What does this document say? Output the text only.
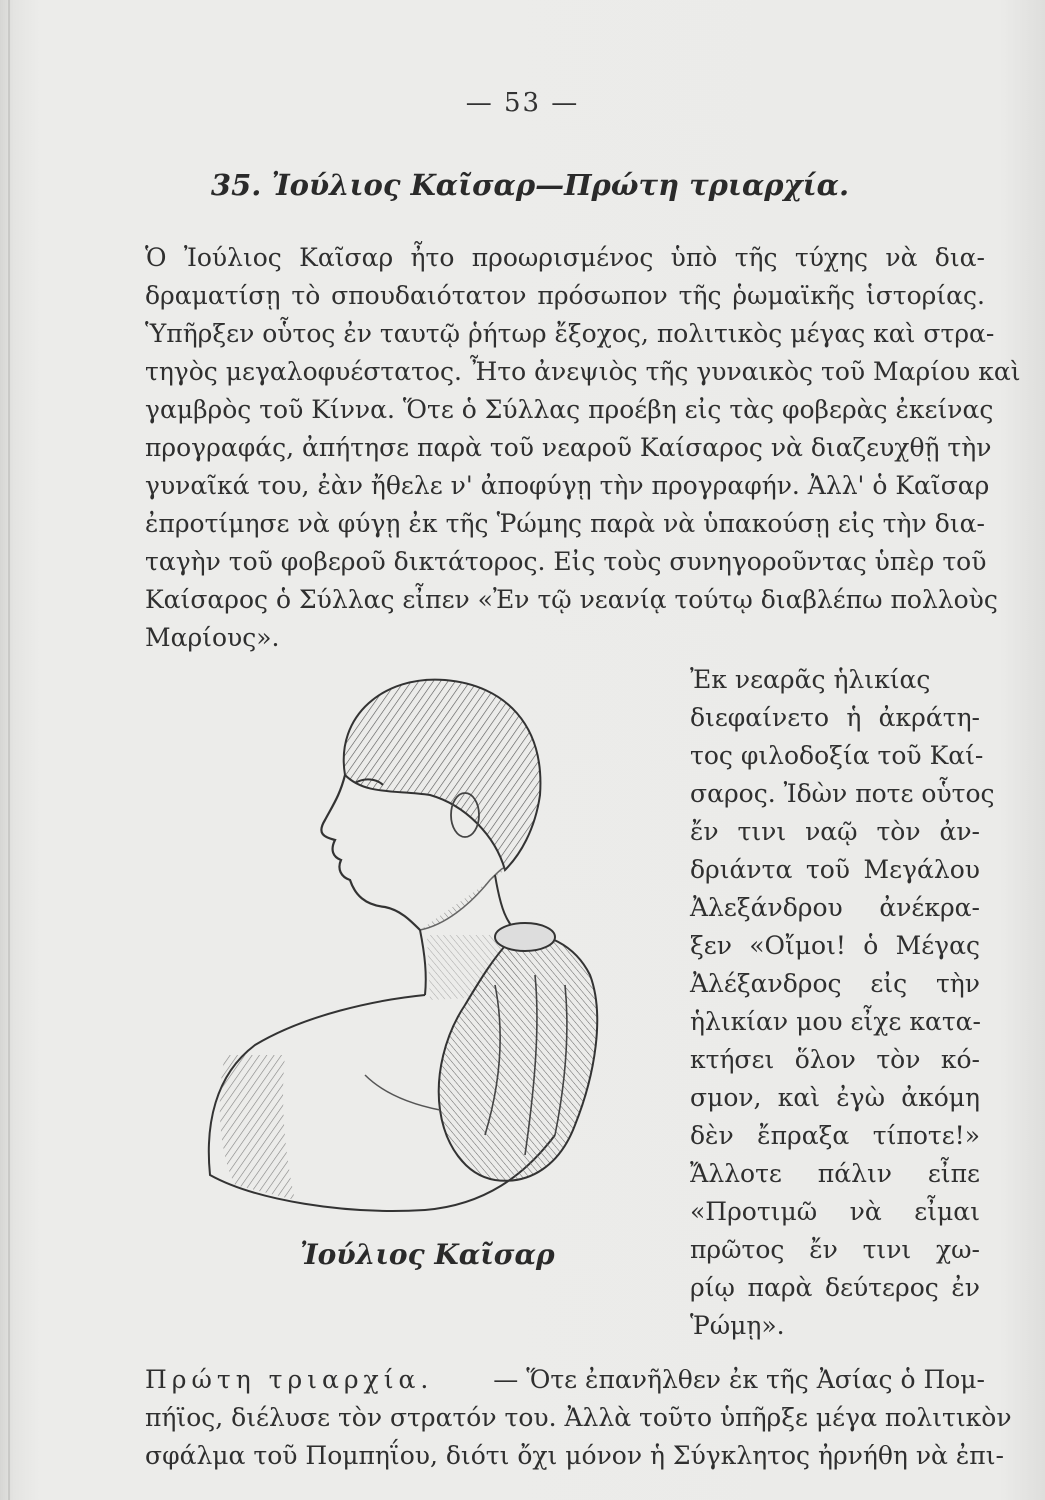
— 53 —
35. Ἰούλιος Καῖσαρ—Πρώτη τριαρχία.
Ὁ Ἰούλιος Καῖσαρ ἦτο προωρισμένος ὑπὸ τῆς τύχης νὰ δια-
δραματίσῃ τὸ σπουδαιότατον πρόσωπον τῆς ῥωμαϊκῆς ἱστορίας.
Ὑπῆρξεν οὗτος ἐν ταυτῷ ῥήτωρ ἔξοχος, πολιτικὸς μέγας καὶ στρα-
τηγὸς μεγαλοφυέστατος. Ἦτο ἀνεψιὸς τῆς γυναικὸς τοῦ Μαρίου καὶ
γαμβρὸς τοῦ Κίννα. Ὅτε ὁ Σύλλας προέβη εἰς τὰς φοβερὰς ἐκείνας
προγραφάς, ἀπήτησε παρὰ τοῦ νεαροῦ Καίσαρος νὰ διαζευχθῇ τὴν
γυναῖκά του, ἐὰν ἤθελε ν' ἀποφύγῃ τὴν προγραφήν. Ἀλλ' ὁ Καῖσαρ
ἐπροτίμησε νὰ φύγῃ ἐκ τῆς Ῥώμης παρὰ νὰ ὑπακούσῃ εἰς τὴν δια-
ταγὴν τοῦ φοβεροῦ δικτάτορος. Εἰς τοὺς συνηγοροῦντας ὑπὲρ τοῦ
Καίσαρος ὁ Σύλλας εἶπεν «Ἐν τῷ νεανίᾳ τούτῳ διαβλέπω πολλοὺς
Μαρίους».
Ἐκ νεαρᾶς ἡλικίας
διεφαίνετο ἡ ἀκράτη-
τος φιλοδοξία τοῦ Καί-
σαρος. Ἰδὼν ποτε οὗτος
ἔν τινι ναῷ τὸν ἀν-
δριάντα τοῦ Μεγάλου
Ἀλεξάνδρου ἀνέκρα-
ξεν «Οἴμοι! ὁ Μέγας
Ἀλέξανδρος εἰς τὴν
ἡλικίαν μου εἶχε κατα-
κτήσει ὅλον τὸν κό-
σμον, καὶ ἐγὼ ἀκόμη
δὲν ἔπραξα τίποτε!»
Ἄλλοτε πάλιν εἶπε
«Προτιμῶ νὰ εἶμαι
πρῶτος ἔν τινι χω-
ρίῳ παρὰ δεύτερος ἐν
Ῥώμῃ».
Ἰούλιος Καῖσαρ
Πρώτη τριαρχία. — Ὅτε ἐπανῆλθεν ἐκ τῆς Ἀσίας ὁ Πομ-
πήϊος, διέλυσε τὸν στρατόν του. Ἀλλὰ τοῦτο ὑπῆρξε μέγα πολιτικὸν
σφάλμα τοῦ Πομπηΐου, διότι ὄχι μόνον ἡ Σύγκλητος ἠρνήθη νὰ ἐπι-
